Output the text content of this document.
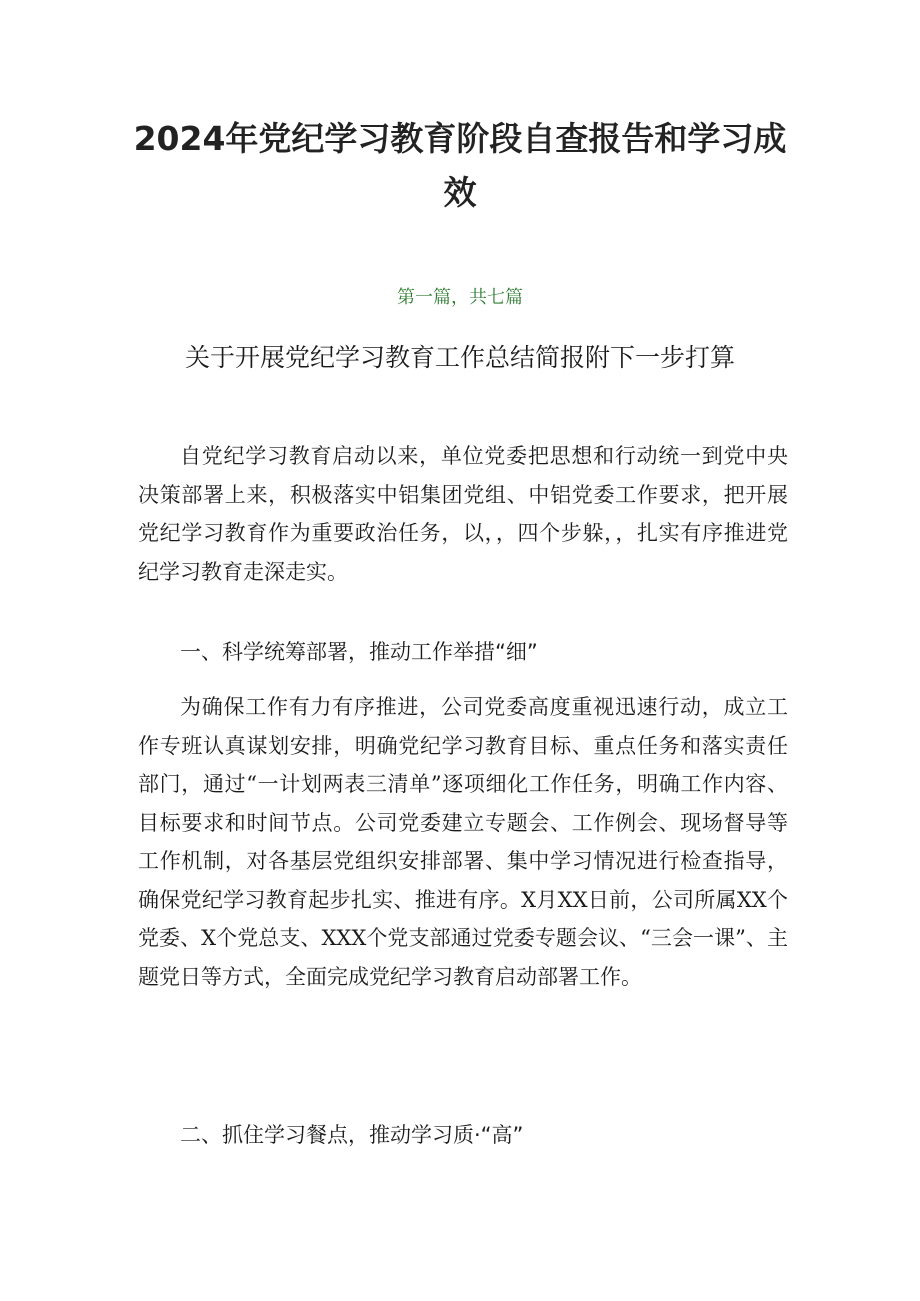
2024年党纪学习教育阶段自查报告和学习成效
第一篇，共七篇
关于开展党纪学习教育工作总结简报附下一步打算

自党纪学习教育启动以来，单位党委把思想和行动统一到党中央决策部署上来，积极落实中铝集团党组、中铝党委工作要求，把开展党纪学习教育作为重要政治任务，以，，四个步躲，，扎实有序推进党纪学习教育走深走实。

一、科学统筹部署，推动工作举措“细”

为确保工作有力有序推进，公司党委高度重视迅速行动，成立工作专班认真谋划安排，明确党纪学习教育目标、重点任务和落实责任部门，通过“一计划两表三清单”逐项细化工作任务，明确工作内容、目标要求和时间节点。公司党委建立专题会、工作例会、现场督导等工作机制，对各基层党组织安排部署、集中学习情况进行检查指导，确保党纪学习教育起步扎实、推进有序。X月XX日前，公司所属XX个党委、X个党总支、XXX个党支部通过党委专题会议、“三会一课”、主题党日等方式，全面完成党纪学习教育启动部署工作。

二、抓住学习餐点，推动学习质·“高”
